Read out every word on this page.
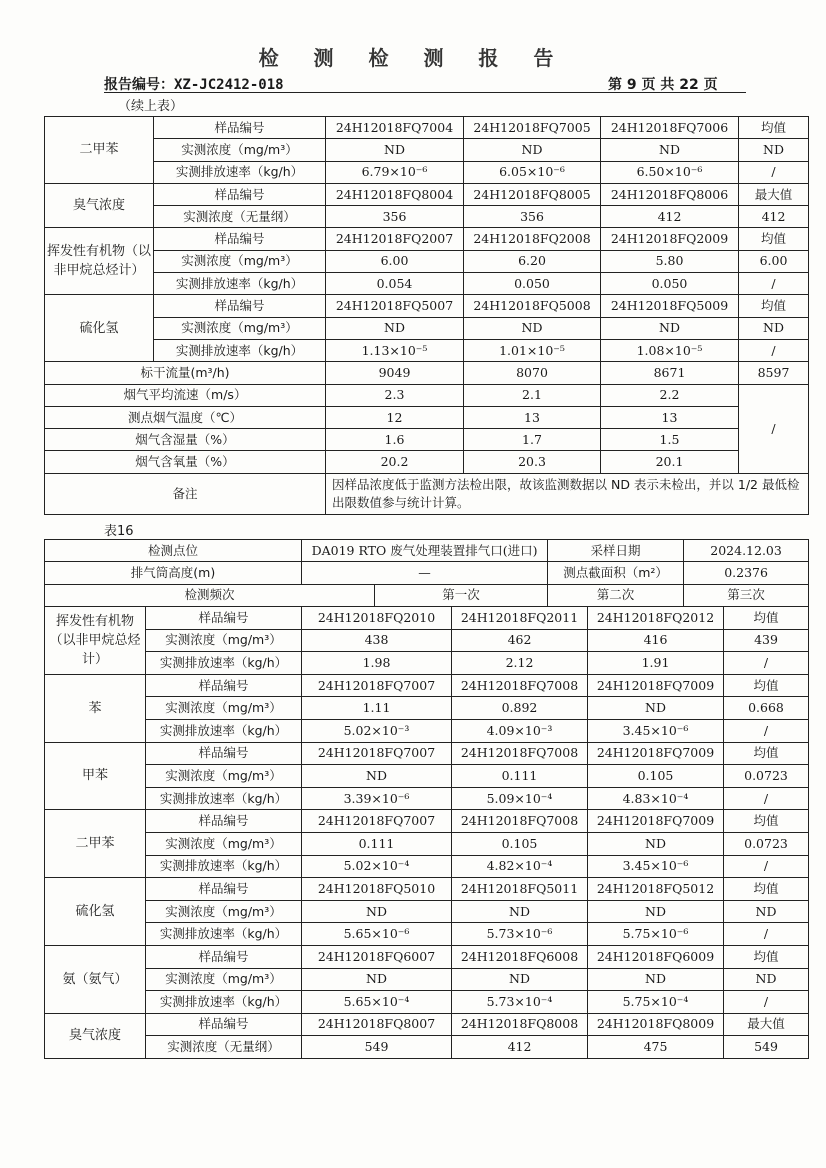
检 测 检 测 报 告
报告编号：XZ-JC2412-018	第 9 页 共 22 页
（续上表）
二甲苯	样品编号	24H12018FQ7004	24H12018FQ7005	24H12018FQ7006	均值
	实测浓度（mg/m³）	ND	ND	ND	ND
	实测排放速率（kg/h）	6.79×10⁻⁶	6.05×10⁻⁶	6.50×10⁻⁶	/
臭气浓度	样品编号	24H12018FQ8004	24H12018FQ8005	24H12018FQ8006	最大值
	实测浓度（无量纲）	356	356	412	412
挥发性有机物（以非甲烷总烃计）	样品编号	24H12018FQ2007	24H12018FQ2008	24H12018FQ2009	均值
	实测浓度（mg/m³）	6.00	6.20	5.80	6.00
	实测排放速率（kg/h）	0.054	0.050	0.050	/
硫化氢	样品编号	24H12018FQ5007	24H12018FQ5008	24H12018FQ5009	均值
	实测浓度（mg/m³）	ND	ND	ND	ND
	实测排放速率（kg/h）	1.13×10⁻⁵	1.01×10⁻⁵	1.08×10⁻⁵	/
标干流量(m³/h)		9049	8070	8671	8597
烟气平均流速（m/s）		2.3	2.1	2.2	/
测点烟气温度（℃）		12	13	13	
烟气含湿量（%）		1.6	1.7	1.5	
烟气含氧量（%）		20.2	20.3	20.1	
备注		因样品浓度低于监测方法检出限，故该监测数据以 ND 表示未检出，并以 1/2 最低检出限数值参与统计计算。			
表16
检测点位	DA019 RTO 废气处理装置排气口(进口)		采样日期	2024.12.03
排气筒高度(m)	—		测点截面积（m²）	0.2376
检测频次		第一次	第二次	第三次
挥发性有机物（以非甲烷总烃计）	样品编号	24H12018FQ2010	24H12018FQ2011	24H12018FQ2012	均值
	实测浓度（mg/m³）	438	462	416	439
	实测排放速率（kg/h）	1.98	2.12	1.91	/
苯	样品编号	24H12018FQ7007	24H12018FQ7008	24H12018FQ7009	均值
	实测浓度（mg/m³）	1.11	0.892	ND	0.668
	实测排放速率（kg/h）	5.02×10⁻³	4.09×10⁻³	3.45×10⁻⁶	/
甲苯	样品编号	24H12018FQ7007	24H12018FQ7008	24H12018FQ7009	均值
	实测浓度（mg/m³）	ND	0.111	0.105	0.0723
	实测排放速率（kg/h）	3.39×10⁻⁶	5.09×10⁻⁴	4.83×10⁻⁴	/
二甲苯	样品编号	24H12018FQ7007	24H12018FQ7008	24H12018FQ7009	均值
	实测浓度（mg/m³）	0.111	0.105	ND	0.0723
	实测排放速率（kg/h）	5.02×10⁻⁴	4.82×10⁻⁴	3.45×10⁻⁶	/
硫化氢	样品编号	24H12018FQ5010	24H12018FQ5011	24H12018FQ5012	均值
	实测浓度（mg/m³）	ND	ND	ND	ND
	实测排放速率（kg/h）	5.65×10⁻⁶	5.73×10⁻⁶	5.75×10⁻⁶	/
氨（氨气）	样品编号	24H12018FQ6007	24H12018FQ6008	24H12018FQ6009	均值
	实测浓度（mg/m³）	ND	ND	ND	ND
	实测排放速率（kg/h）	5.65×10⁻⁴	5.73×10⁻⁴	5.75×10⁻⁴	/
臭气浓度	样品编号	24H12018FQ8007	24H12018FQ8008	24H12018FQ8009	最大值
	实测浓度（无量纲）	549	412	475	549
